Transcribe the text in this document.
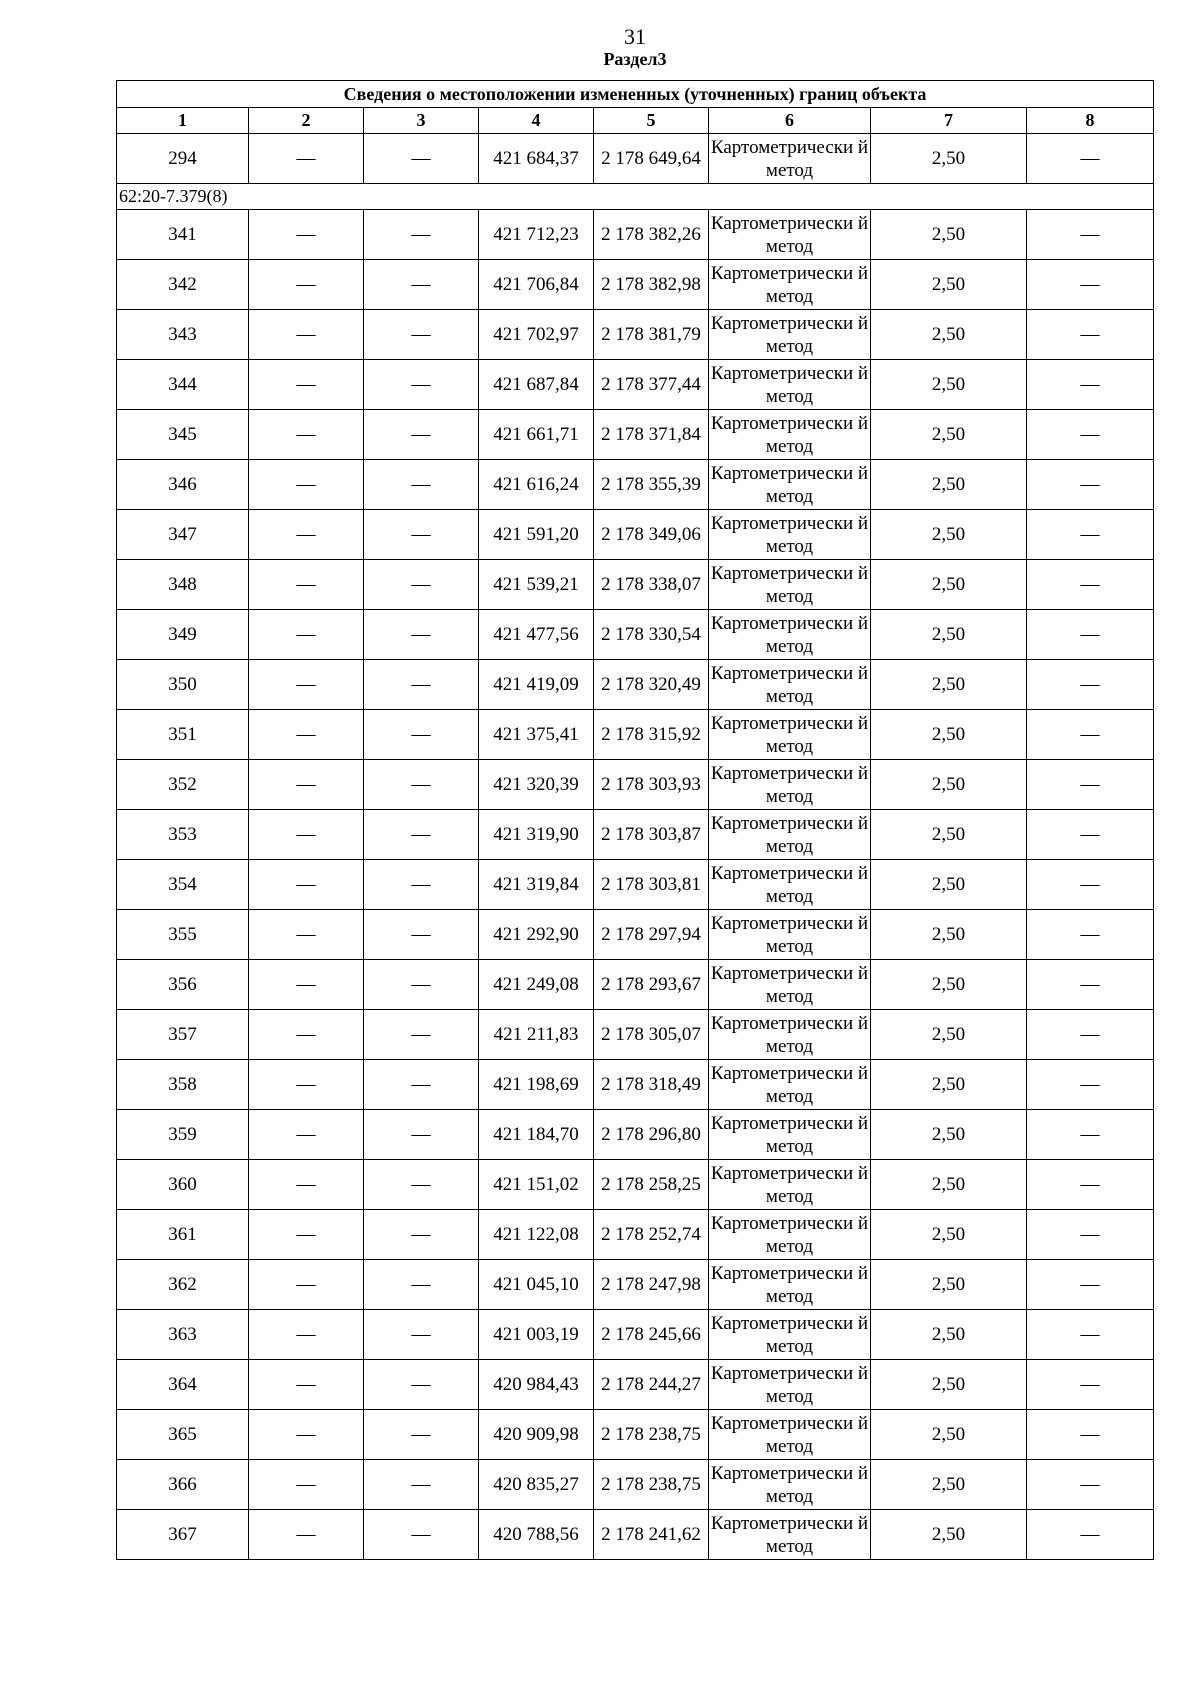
31
Раздел3
Сведения о местоположении измененных (уточненных) границ объекта							
1	2	3	4	5	6	7	8
294	—	—	421 684,37	2 178 649,64	Картометрически й метод	2,50	—
62:20-7.379(8)							
341	—	—	421 712,23	2 178 382,26	Картометрически й метод	2,50	—
342	—	—	421 706,84	2 178 382,98	Картометрически й метод	2,50	—
343	—	—	421 702,97	2 178 381,79	Картометрически й метод	2,50	—
344	—	—	421 687,84	2 178 377,44	Картометрически й метод	2,50	—
345	—	—	421 661,71	2 178 371,84	Картометрически й метод	2,50	—
346	—	—	421 616,24	2 178 355,39	Картометрически й метод	2,50	—
347	—	—	421 591,20	2 178 349,06	Картометрически й метод	2,50	—
348	—	—	421 539,21	2 178 338,07	Картометрически й метод	2,50	—
349	—	—	421 477,56	2 178 330,54	Картометрически й метод	2,50	—
350	—	—	421 419,09	2 178 320,49	Картометрически й метод	2,50	—
351	—	—	421 375,41	2 178 315,92	Картометрически й метод	2,50	—
352	—	—	421 320,39	2 178 303,93	Картометрически й метод	2,50	—
353	—	—	421 319,90	2 178 303,87	Картометрически й метод	2,50	—
354	—	—	421 319,84	2 178 303,81	Картометрически й метод	2,50	—
355	—	—	421 292,90	2 178 297,94	Картометрически й метод	2,50	—
356	—	—	421 249,08	2 178 293,67	Картометрически й метод	2,50	—
357	—	—	421 211,83	2 178 305,07	Картометрически й метод	2,50	—
358	—	—	421 198,69	2 178 318,49	Картометрически й метод	2,50	—
359	—	—	421 184,70	2 178 296,80	Картометрически й метод	2,50	—
360	—	—	421 151,02	2 178 258,25	Картометрически й метод	2,50	—
361	—	—	421 122,08	2 178 252,74	Картометрически й метод	2,50	—
362	—	—	421 045,10	2 178 247,98	Картометрически й метод	2,50	—
363	—	—	421 003,19	2 178 245,66	Картометрически й метод	2,50	—
364	—	—	420 984,43	2 178 244,27	Картометрически й метод	2,50	—
365	—	—	420 909,98	2 178 238,75	Картометрически й метод	2,50	—
366	—	—	420 835,27	2 178 238,75	Картометрически й метод	2,50	—
367	—	—	420 788,56	2 178 241,62	Картометрически й метод	2,50	—
